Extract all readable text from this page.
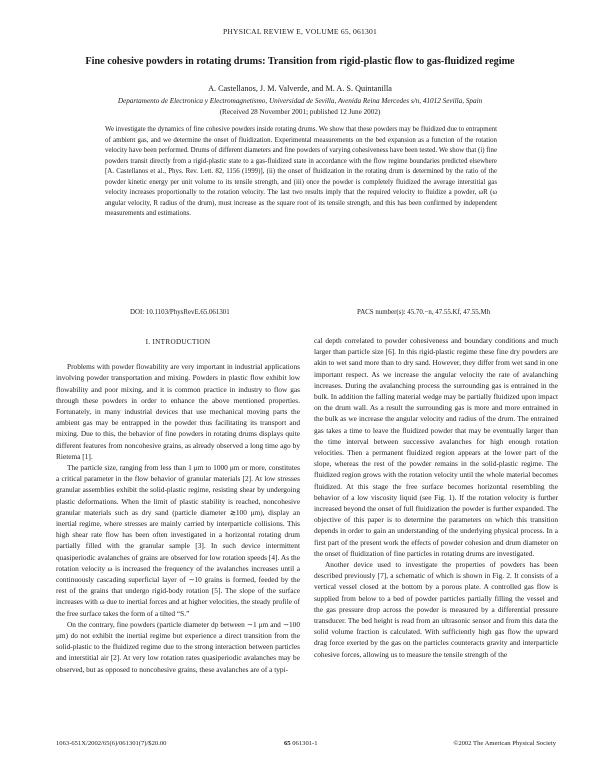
PHYSICAL REVIEW E, VOLUME 65, 061301
Fine cohesive powders in rotating drums: Transition from rigid-plastic flow to gas-fluidized regime
A. Castellanos, J. M. Valverde, and M. A. S. Quintanilla
Departamento de Electronica y Electromagnetismo, Universidad de Sevilla, Avenida Reina Mercedes s/n, 41012 Sevilla, Spain
(Received 28 November 2001; published 12 June 2002)

We investigate the dynamics of fine cohesive powders inside rotating drums. We show that these powders may be fluidized due to entrapment of ambient gas, and we determine the onset of fluidization. Experimental measurements on the bed expansion as a function of the rotation velocity have been performed. Drums of different diameters and fine powders of varying cohesiveness have been tested. We show that (i) fine powders transit directly from a rigid-plastic state to a gas-fluidized state in accordance with the flow regime boundaries predicted elsewhere [A. Castellanos et al., Phys. Rev. Lett. 82, 1156 (1999)], (ii) the onset of fluidization in the rotating drum is determined by the ratio of the powder kinetic energy per unit volume to its tensile strength, and (iii) once the powder is completely fluidized the average interstitial gas velocity increases proportionally to the rotation velocity. The last two results imply that the required velocity to fluidize a powder, ωR (ω angular velocity, R radius of the drum), must increase as the square root of its tensile strength, and this has been confirmed by independent measurements and estimations.

DOI: 10.1103/PhysRevE.65.061301	PACS number(s): 45.70.−n, 47.55.Kf, 47.55.Mh
I. INTRODUCTION

Problems with powder flowability are very important in industrial applications involving powder transportation and mixing. Powders in plastic flow exhibit low flowability and poor mixing, and it is common practice in industry to flow gas through these powders in order to enhance the above mentioned properties. Fortunately, in many industrial devices that use mechanical moving parts the ambient gas may be entrapped in the powder thus facilitating its transport and mixing. Due to this, the behavior of fine powders in rotating drums displays quite different features from noncohesive grains, as already observed a long time ago by Rietema [1].

The particle size, ranging from less than 1 μm to 1000 μm or more, constitutes a critical parameter in the flow behavior of granular materials [2]. At low stresses granular assemblies exhibit the solid-plastic regime, resisting shear by undergoing plastic deformations. When the limit of plastic stability is reached, noncohesive granular materials such as dry sand (particle diameter ≳100 μm), display an inertial regime, where stresses are mainly carried by interparticle collisions. This high shear rate flow has been often investigated in a horizontal rotating drum partially filled with the granular sample [3]. In such device intermittent quasiperiodic avalanches of grains are observed for low rotation speeds [4]. As the rotation velocity ω is increased the frequency of the avalanches increases until a continuously cascading superficial layer of ∼10 grains is formed, feeded by the rest of the grains that undergo rigid-body rotation [5]. The slope of the surface increases with ω due to inertial forces and at higher velocities, the steady profile of the free surface takes the form of a tilted “S.”

On the contrary, fine powders (particle diameter dp between ∼1 μm and ∼100 μm) do not exhibit the inertial regime but experience a direct transition from the solid-plastic to the fluidized regime due to the strong interaction between particles and interstitial air [2]. At very low rotation rates quasiperiodic avalanches may be observed, but as opposed to noncohesive grains, these avalanches are of a typi-

cal depth correlated to powder cohesiveness and boundary conditions and much larger than particle size [6]. In this rigid-plastic regime these fine dry powders are akin to wet sand more than to dry sand. However, they differ from wet sand in one important respect. As we increase the angular velocity the rate of avalanching increases. During the avalanching process the surrounding gas is entrained in the bulk. In addition the falling material wedge may be partially fluidized upon impact on the drum wall. As a result the surrounding gas is more and more entrained in the bulk as we increase the angular velocity and radius of the drum. The entrained gas takes a time to leave the fluidized powder that may be eventually larger than the time interval between successive avalanches for high enough rotation velocities. Then a permanent fluidized region appears at the lower part of the slope, whereas the rest of the powder remains in the solid-plastic regime. The fluidized region grows with the rotation velocity until the whole material becomes fluidized. At this stage the free surface becomes horizontal resembling the behavior of a low viscosity liquid (see Fig. 1). If the rotation velocity is further increased beyond the onset of full fluidization the powder is further expanded. The objective of this paper is to determine the parameters on which this transition depends in order to gain an understanding of the underlying physical process. In a first part of the present work the effects of powder cohesion and drum diameter on the onset of fluidization of fine particles in rotating drums are investigated.

Another device used to investigate the properties of powders has been described previously [7], a schematic of which is shown in Fig. 2. It consists of a vertical vessel closed at the bottom by a porous plate. A controlled gas flow is supplied from below to a bed of powder particles partially filling the vessel and the gas pressure drop across the powder is measured by a differential pressure transducer. The bed height is read from an ultrasonic sensor and from this data the solid volume fraction is calculated. With sufficiently high gas flow the upward drag force exerted by the gas on the particles counteracts gravity and interparticle cohesive forces, allowing us to measure the tensile strength of the

1063-651X/2002/65(6)/061301(7)/$20.00	65 061301-1	©2002 The American Physical Society
